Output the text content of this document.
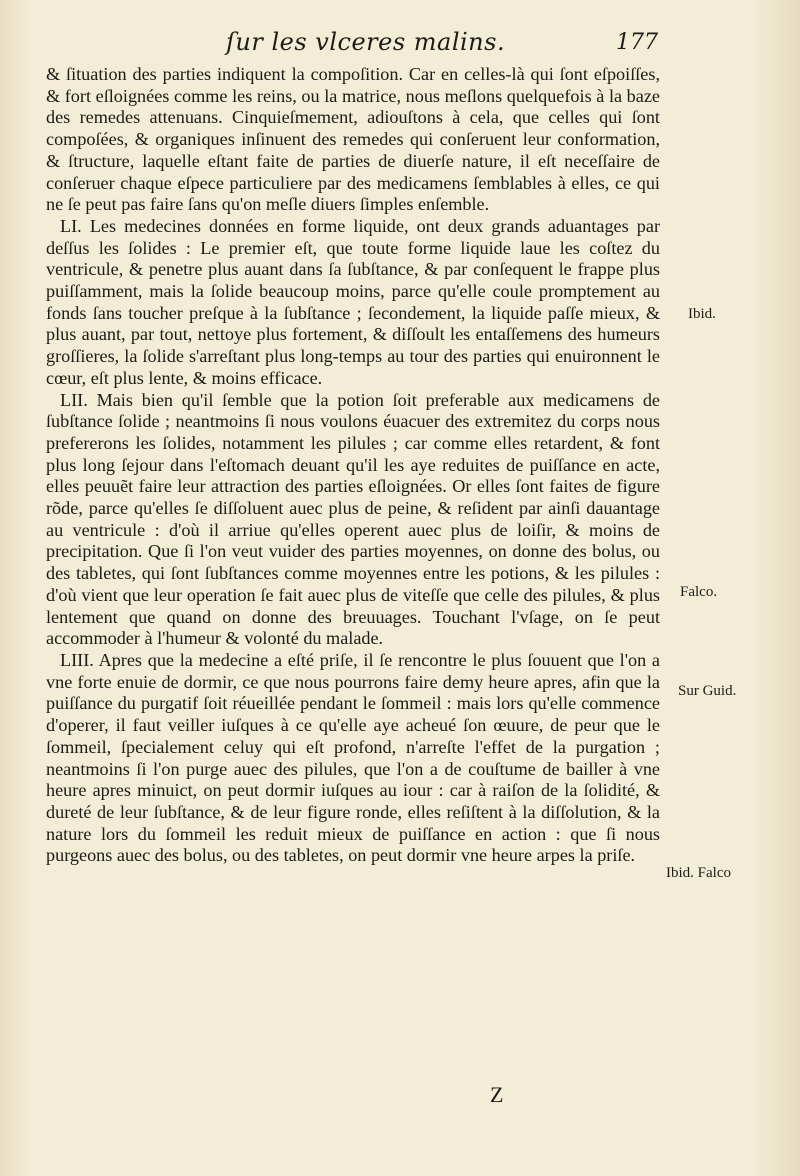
ſur les vlceres malins.	177

& ſituation des parties indiquent la compoſition. Car en celles-là qui ſont eſpoiſſes, & fort eſloignées comme les reins, ou la matrice, nous meſlons quelquefois à la baze des remedes attenuans. Cinquieſmement, adiouſtons à cela, que celles qui ſont compoſées, & organiques inſinuent des remedes qui conſeruent leur conformation, & ſtructure, laquelle eſtant faite de parties de diuerſe nature, il eſt neceſſaire de conſeruer chaque eſpece particuliere par des medicamens ſemblables à elles, ce qui ne ſe peut pas faire ſans qu'on meſle diuers ſimples enſemble.

LI. Les medecines données en forme liquide, ont deux grands aduantages par deſſus les ſolides : Le premier eſt, que toute forme liquide laue les coſtez du ventricule, & penetre plus auant dans ſa ſubſtance, & par conſequent le frappe plus puiſſamment, mais la ſolide beaucoup moins, parce qu'elle coule promptement au fonds ſans toucher preſque à la ſubſtance ; ſecondement, la liquide paſſe mieux, & plus auant, par tout, nettoye plus fortement, & diſſoult les entaſſemens des humeurs groſſieres, la ſolide s'arreſtant plus long-temps au tour des parties qui enuironnent le cœur, eſt plus lente, & moins efficace.

LII. Mais bien qu'il ſemble que la potion ſoit preferable aux medicamens de ſubſtance ſolide ; neantmoins ſi nous voulons éuacuer des extremitez du corps nous prefererons les ſolides, notamment les pilules ; car comme elles retardent, & font plus long ſejour dans l'eſtomach deuant qu'il les aye reduites de puiſſance en acte, elles peuuẽt faire leur attraction des parties eſloignées. Or elles ſont faites de figure rõde, parce qu'elles ſe diſſoluent auec plus de peine, & reſident par ainſi dauantage au ventricule : d'où il arriue qu'elles operent auec plus de loiſir, & moins de precipitation. Que ſi l'on veut vuider des parties moyennes, on donne des bolus, ou des tabletes, qui ſont ſubſtances comme moyennes entre les potions, & les pilules : d'où vient que leur operation ſe fait auec plus de viteſſe que celle des pilules, & plus lentement que quand on donne des breuuages. Touchant l'vſage, on ſe peut accommoder à l'humeur & volonté du malade.

LIII. Apres que la medecine a eſté priſe, il ſe rencontre le plus ſouuent que l'on a vne forte enuie de dormir, ce que nous pourrons faire demy heure apres, afin que la puiſſance du purgatif ſoit réueillée pendant le ſommeil : mais lors qu'elle commence d'operer, il faut veiller iuſques à ce qu'elle aye acheué ſon œuure, de peur que le ſommeil, ſpecialement celuy qui eſt profond, n'arreſte l'effet de la purgation ; neantmoins ſi l'on purge auec des pilules, que l'on a de couſtume de bailler à vne heure apres minuict, on peut dormir iuſques au iour : car à raiſon de la ſolidité, & dureté de leur ſubſtance, & de leur figure ronde, elles reſiſtent à la diſſolution, & la nature lors du ſommeil les reduit mieux de puiſſance en action : que ſi nous purgeons auec des bolus, ou des tabletes, on peut dormir vne heure arpes la priſe.

Ibid.
Falco.
Sur Guid.
Ibid. Falco
Z
